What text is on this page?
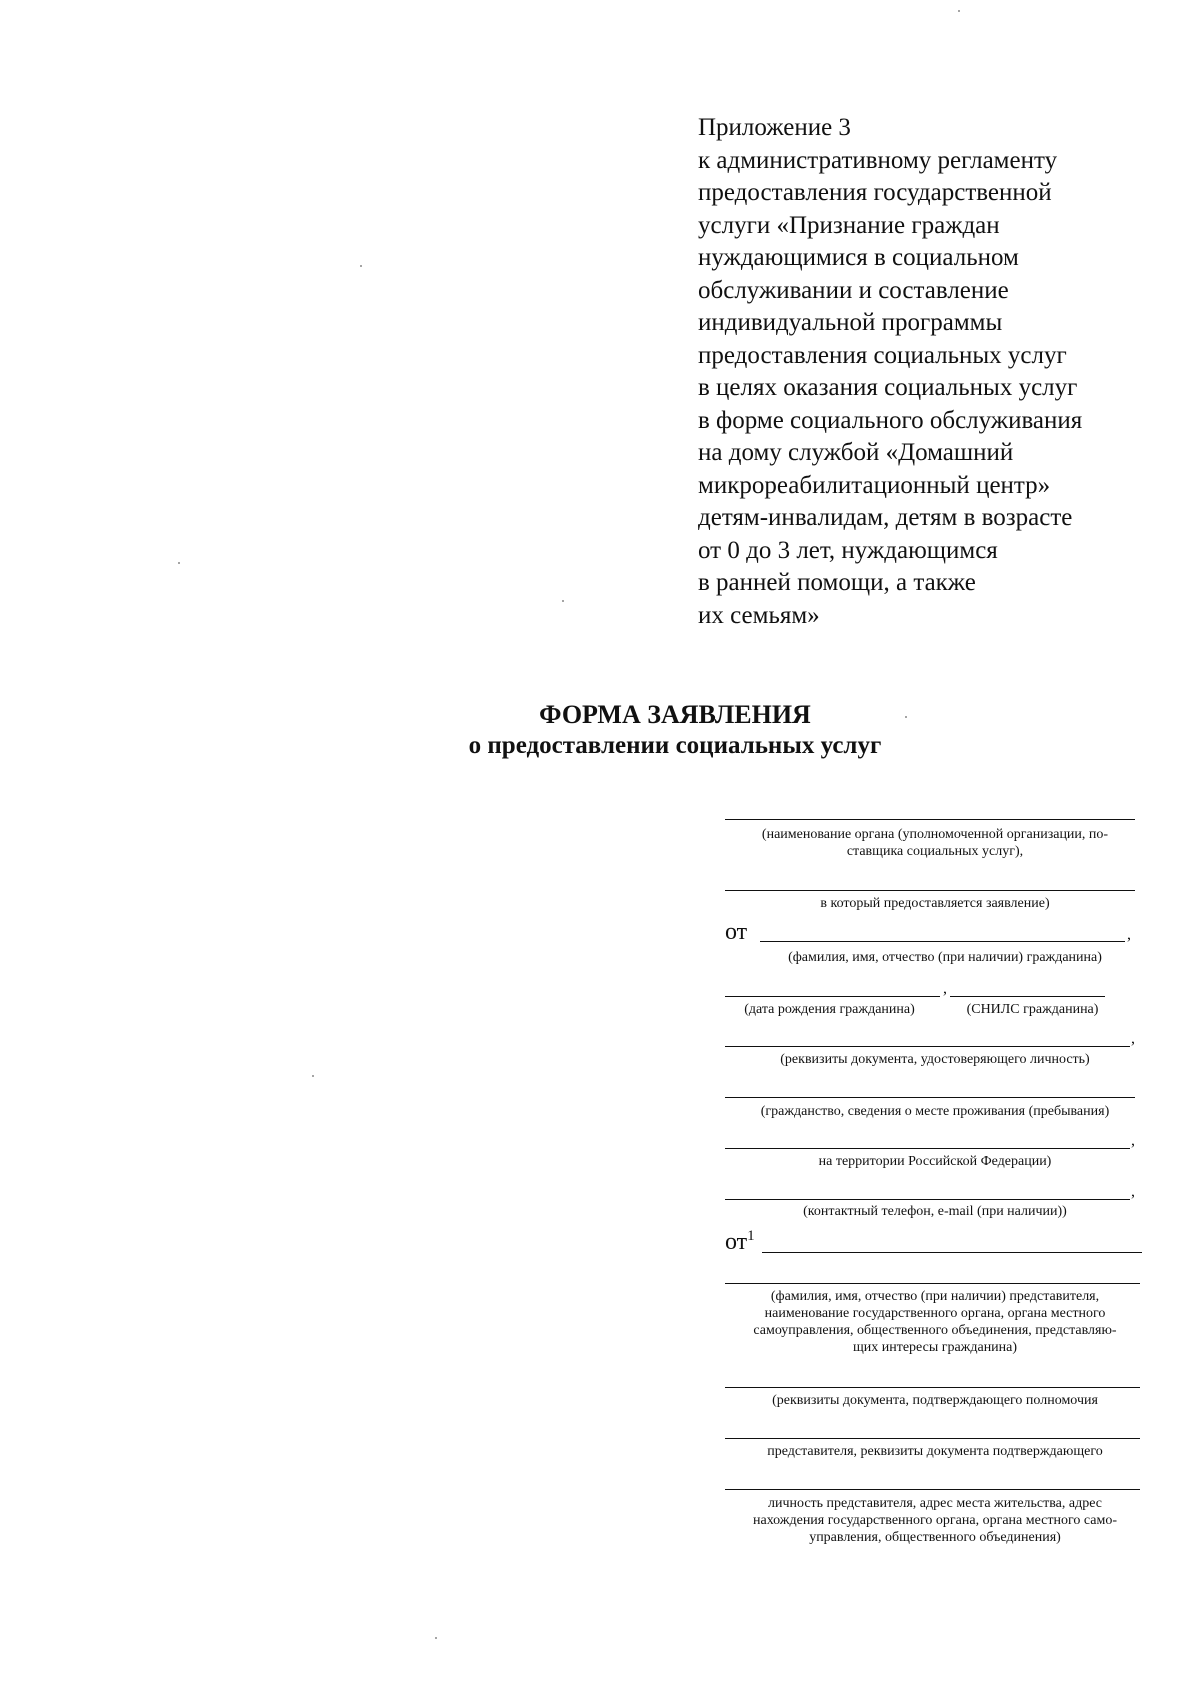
Приложение 3
к административному регламенту
предоставления государственной
услуги «Признание граждан
нуждающимися в социальном
обслуживании и составление
индивидуальной программы
предоставления социальных услуг
в целях оказания социальных услуг
в форме социального обслуживания
на дому службой «Домашний
микрореабилитационный центр»
детям-инвалидам, детям в возрасте
от 0 до 3 лет, нуждающимся
в ранней помощи, а также
их семьям»
ФОРМА ЗАЯВЛЕНИЯ
о предоставлении социальных услуг
(наименование органа (уполномоченной организации, по-
ставщика социальных услуг),
в который предоставляется заявление)
от	,
(фамилия, имя, отчество (при наличии) гражданина)
,
(дата рождения гражданина)	(СНИЛС гражданина)
,
(реквизиты документа, удостоверяющего личность)
(гражданство, сведения о месте проживания (пребывания)
,
на территории Российской Федерации)
,
(контактный телефон, e-mail (при наличии))
$от^1$
(фамилия, имя, отчество (при наличии) представителя,
наименование государственного органа, органа местного
самоуправления, общественного объединения, представляю-
щих интересы гражданина)
(реквизиты документа, подтверждающего полномочия
представителя, реквизиты документа подтверждающего
личность представителя, адрес места жительства, адрес
нахождения государственного органа, органа местного само-
управления, общественного объединения)
